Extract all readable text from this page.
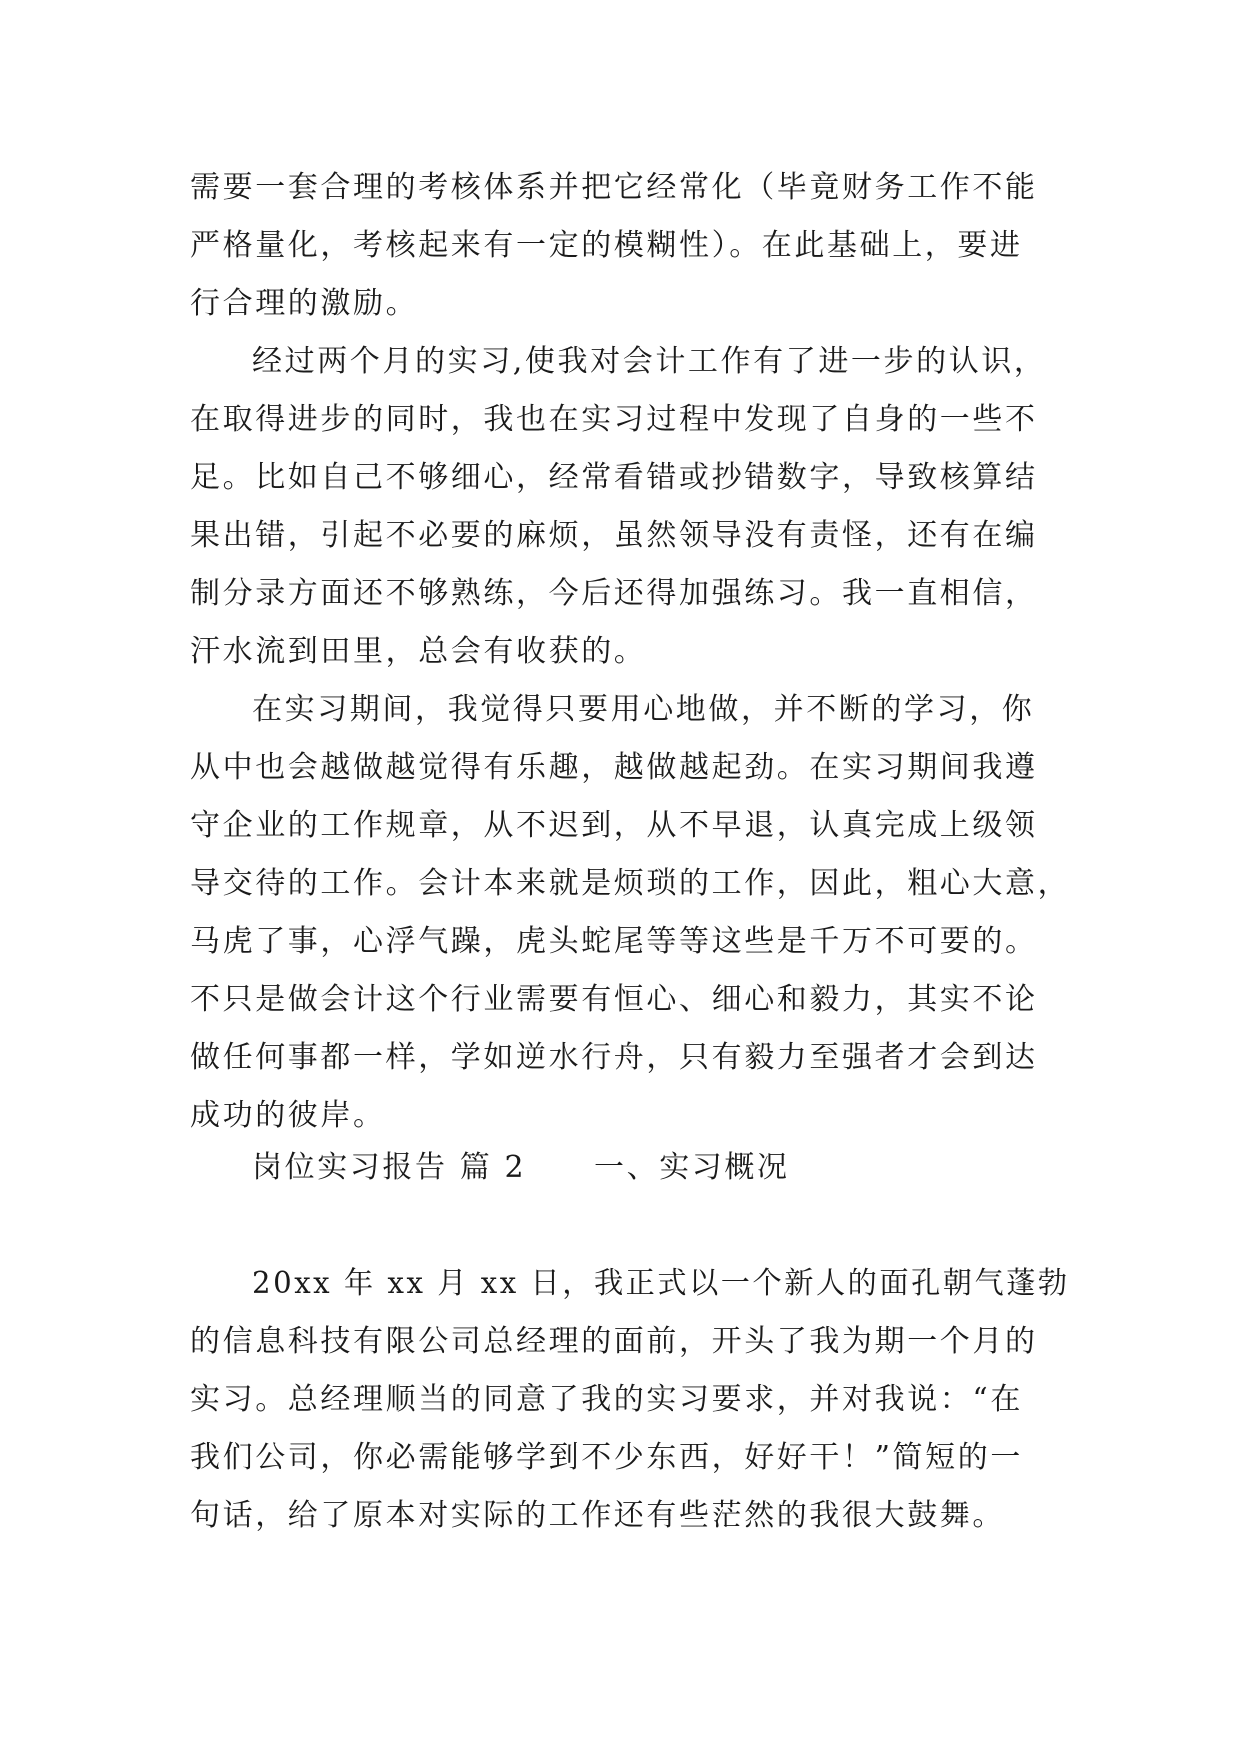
需要一套合理的考核体系并把它经常化（毕竟财务工作不能
严格量化，考核起来有一定的模糊性）。在此基础上，要进
行合理的激励。
经过两个月的实习,使我对会计工作有了进一步的认识，
在取得进步的同时，我也在实习过程中发现了自身的一些不
足。比如自己不够细心，经常看错或抄错数字，导致核算结
果出错，引起不必要的麻烦，虽然领导没有责怪，还有在编
制分录方面还不够熟练，今后还得加强练习。我一直相信，
汗水流到田里，总会有收获的。
在实习期间，我觉得只要用心地做，并不断的学习，你
从中也会越做越觉得有乐趣，越做越起劲。在实习期间我遵
守企业的工作规章，从不迟到，从不早退，认真完成上级领
导交待的工作。会计本来就是烦琐的工作，因此，粗心大意，
马虎了事，心浮气躁，虎头蛇尾等等这些是千万不可要的。
不只是做会计这个行业需要有恒心、细心和毅力，其实不论
做任何事都一样，学如逆水行舟，只有毅力至强者才会到达
成功的彼岸。
岗位实习报告 篇 2 一、实习概况
20xx 年 xx 月 xx 日，我正式以一个新人的面孔朝气蓬勃
的信息科技有限公司总经理的面前，开头了我为期一个月的
实习。总经理顺当的同意了我的实习要求，并对我说：“在
我们公司，你必需能够学到不少东西，好好干！”简短的一
句话，给了原本对实际的工作还有些茫然的我很大鼓舞。
